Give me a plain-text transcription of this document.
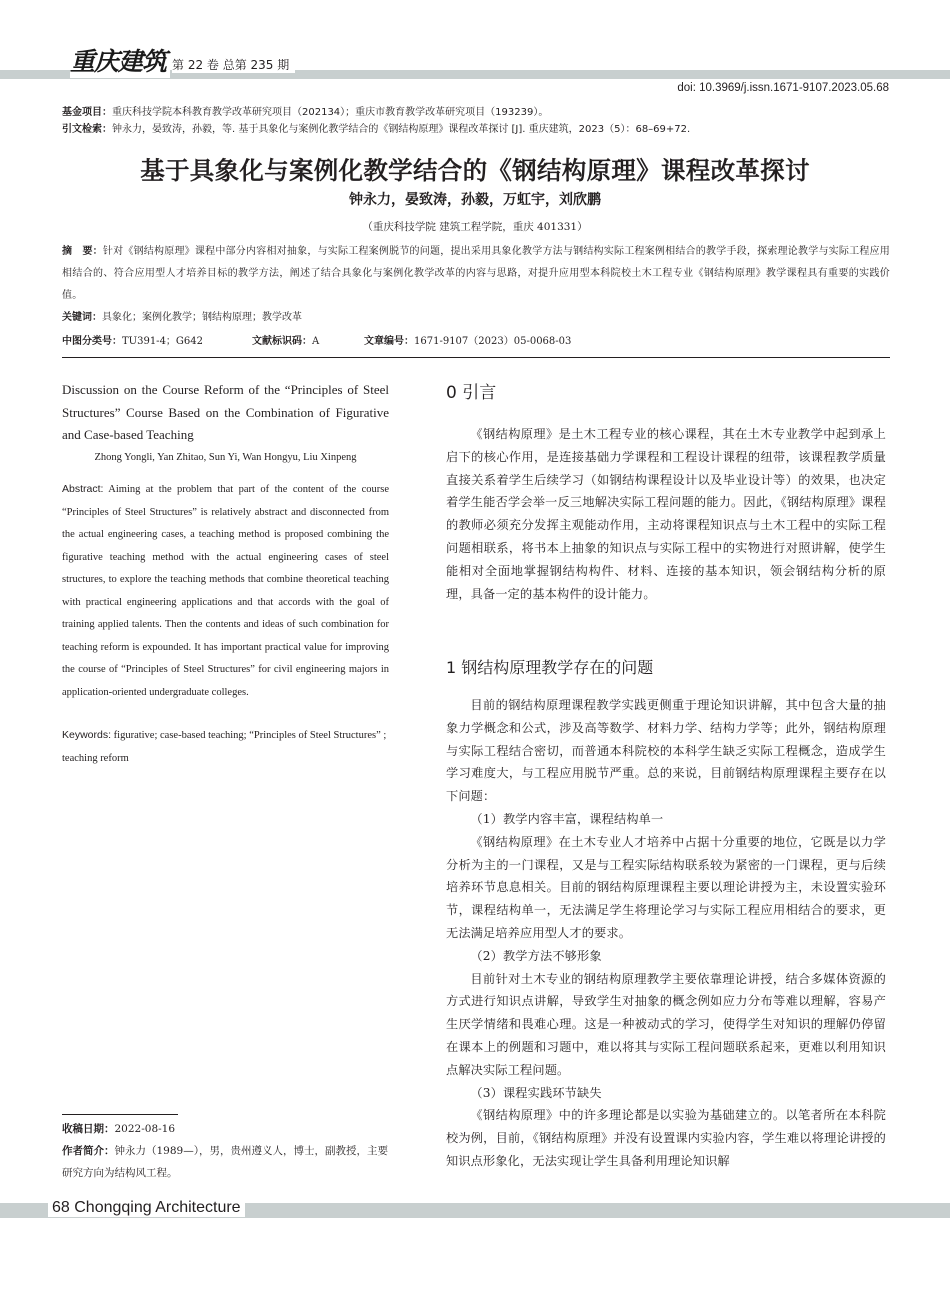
重庆建筑 第 22 卷 总第 235 期
doi: 10.3969/j.issn.1671-9107.2023.05.68
基金项目：重庆科技学院本科教育教学改革研究项目（202134）；重庆市教育教学改革研究项目（193239）。
引文检索：钟永力，晏致涛，孙毅，等. 基于具象化与案例化教学结合的《钢结构原理》课程改革探讨 [J]. 重庆建筑，2023（5）：68–69+72.
基于具象化与案例化教学结合的《钢结构原理》课程改革探讨
钟永力，晏致涛，孙毅，万虹宇，刘欣鹏
（重庆科技学院 建筑工程学院，重庆 401331）
摘　要：针对《钢结构原理》课程中部分内容相对抽象，与实际工程案例脱节的问题，提出采用具象化教学方法与钢结构实际工程案例相结合的教学手段，探索理论教学与实际工程应用相结合的、符合应用型人才培养目标的教学方法，阐述了结合具象化与案例化教学改革的内容与思路，对提升应用型本科院校土木工程专业《钢结构原理》教学课程具有重要的实践价值。
关键词：具象化；案例化教学；钢结构原理；教学改革
中图分类号：TU391-4；G642	文献标识码：A	文章编号：1671-9107（2023）05-0068-03
Discussion on the Course Reform of the “Principles of Steel Structures” Course Based on the Combination of Figurative and Case-based Teaching
Zhong Yongli, Yan Zhitao, Sun Yi, Wan Hongyu, Liu Xinpeng
Abstract: Aiming at the problem that part of the content of the course “Principles of Steel Structures” is relatively abstract and disconnected from the actual engineering cases, a teaching method is proposed combining the figurative teaching method with the actual engineering cases of steel structures, to explore the teaching methods that combine theoretical teaching with practical engineering applications and that accords with the goal of training applied talents. Then the contents and ideas of such combination for teaching reform is expounded. It has important practical value for improving the course of “Principles of Steel Structures” for civil engineering majors in application-oriented undergraduate colleges.
Keywords: figurative; case-based teaching; “Principles of Steel Structures” ; teaching reform
收稿日期：2022-08-16
作者简介：钟永力（1989—），男，贵州遵义人，博士，副教授，主要研究方向为结构风工程。
0 引言

《钢结构原理》是土木工程专业的核心课程，其在土木专业教学中起到承上启下的核心作用，是连接基础力学课程和工程设计课程的纽带，该课程教学质量直接关系着学生后续学习（如钢结构课程设计以及毕业设计等）的效果，也决定着学生能否学会举一反三地解决实际工程问题的能力。因此，《钢结构原理》课程的教师必须充分发挥主观能动作用，主动将课程知识点与土木工程中的实际工程问题相联系，将书本上抽象的知识点与实际工程中的实物进行对照讲解，使学生能相对全面地掌握钢结构构件、材料、连接的基本知识，领会钢结构分析的原理，具备一定的基本构件的设计能力。

1 钢结构原理教学存在的问题

目前的钢结构原理课程教学实践更侧重于理论知识讲解，其中包含大量的抽象力学概念和公式，涉及高等数学、材料力学、结构力学等；此外，钢结构原理与实际工程结合密切，而普通本科院校的本科学生缺乏实际工程概念，造成学生学习难度大，与工程应用脱节严重。总的来说，目前钢结构原理课程主要存在以下问题：

（1）教学内容丰富，课程结构单一

《钢结构原理》在土木专业人才培养中占据十分重要的地位，它既是以力学分析为主的一门课程，又是与工程实际结构联系较为紧密的一门课程，更与后续培养环节息息相关。目前的钢结构原理课程主要以理论讲授为主，未设置实验环节，课程结构单一，无法满足学生将理论学习与实际工程应用相结合的要求，更无法满足培养应用型人才的要求。

（2）教学方法不够形象

目前针对土木专业的钢结构原理教学主要依靠理论讲授，结合多媒体资源的方式进行知识点讲解，导致学生对抽象的概念例如应力分布等难以理解，容易产生厌学情绪和畏难心理。这是一种被动式的学习，使得学生对知识的理解仍停留在课本上的例题和习题中，难以将其与实际工程问题联系起来，更难以利用知识点解决实际工程问题。

（3）课程实践环节缺失

《钢结构原理》中的许多理论都是以实验为基础建立的。以笔者所在本科院校为例，目前，《钢结构原理》并没有设置课内实验内容，学生难以将理论讲授的知识点形象化，无法实现让学生具备利用理论知识解

68 Chongqing Architecture
